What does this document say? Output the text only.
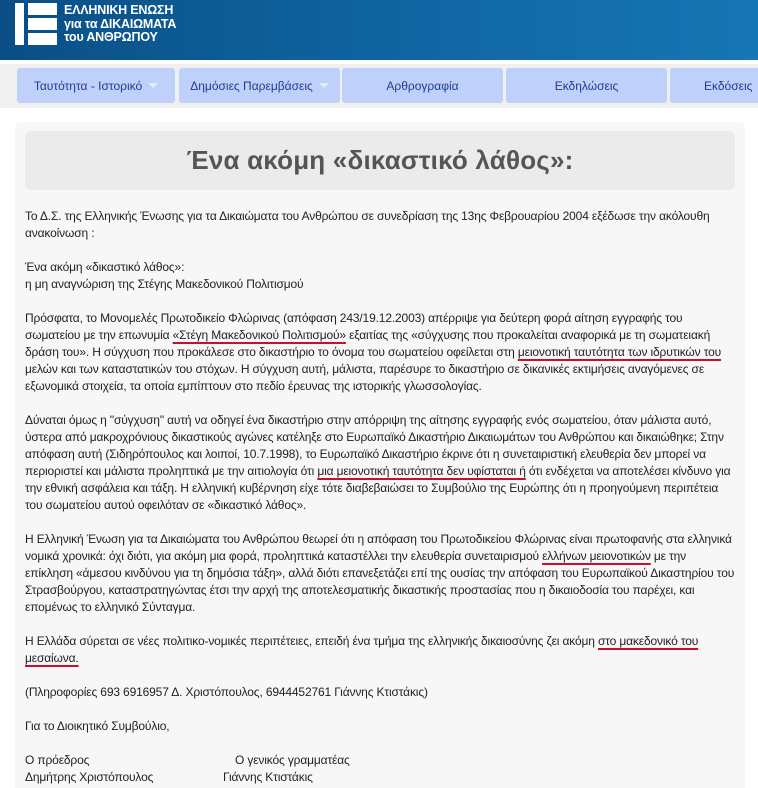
ΕΛΛΗΝΙΚΗ ΕΝΩΣΗ
για τα ΔΙΚΑΙΩΜΑΤΑ
του ΑΝΘΡΩΠΟΥ
Ταυτότητα - Ιστορικό	Δημόσιες Παρεμβάσεις	Αρθρογραφία	Εκδηλώσεις	Εκδόσεις
Ένα ακόμη «δικαστικό λάθος»:

Το Δ.Σ. της Ελληνικής Ένωσης για τα Δικαιώματα του Ανθρώπου σε συνεδρίαση της 13ης Φεβρουαρίου 2004 εξέδωσε την ακόλουθη ανακοίνωση :

Ένα ακόμη «δικαστικό λάθος»:
η μη αναγνώριση της Στέγης Μακεδονικού Πολιτισμού

Πρόσφατα, το Μονομελές Πρωτοδικείο Φλώρινας (απόφαση 243/19.12.2003) απέρριψε για δεύτερη φορά αίτηση εγγραφής του σωματείου με την επωνυμία «Στέγη Μακεδονικού Πολιτισμού» εξαιτίας της «σύγχυσης που προκαλείται αναφορικά με τη σωματειακή δράση του». Η σύγχυση που προκάλεσε στο δικαστήριο το όνομα του σωματείου οφείλεται στη μειονοτική ταυτότητα των ιδρυτικών του μελών και των καταστατικών του στόχων. Η σύγχυση αυτή, μάλιστα, παρέσυρε το δικαστήριο σε δικανικές εκτιμήσεις αναγόμενες σε εξωνομικά στοιχεία, τα οποία εμπίπτουν στο πεδίο έρευνας της ιστορικής γλωσσολογίας.

Δύναται όμως η "σύγχυση" αυτή να οδηγεί ένα δικαστήριο στην απόρριψη της αίτησης εγγραφής ενός σωματείου, όταν μάλιστα αυτό, ύστερα από μακροχρόνιους δικαστικούς αγώνες κατέληξε στο Ευρωπαϊκό Δικαστήριο Δικαιωμάτων του Ανθρώπου και δικαιώθηκε; Στην απόφαση αυτή (Σιδηρόπουλος και λοιποί, 10.7.1998), το Ευρωπαϊκό Δικαστήριο έκρινε ότι η συνεταιριστική ελευθερία δεν μπορεί να περιοριστεί και μάλιστα προληπτικά με την αιτιολογία ότι μια μειονοτική ταυτότητα δεν υφίσταται ή ότι ενδέχεται να αποτελέσει κίνδυνο για την εθνική ασφάλεια και τάξη. Η ελληνική κυβέρνηση είχε τότε διαβεβαιώσει το Συμβούλιο της Ευρώπης ότι η προηγούμενη περιπέτεια του σωματείου αυτού οφειλόταν σε «δικαστικό λάθος».

Η Ελληνική Ένωση για τα Δικαιώματα του Ανθρώπου θεωρεί ότι η απόφαση του Πρωτοδικείου Φλώρινας είναι πρωτοφανής στα ελληνικά νομικά χρονικά: όχι διότι, για ακόμη μια φορά, προληπτικά καταστέλλει την ελευθερία συνεταιρισμού ελλήνων μειονοτικών με την επίκληση «άμεσου κινδύνου για τη δημόσια τάξη», αλλά διότι επανεξετάζει επί της ουσίας την απόφαση του Ευρωπαϊκού Δικαστηρίου του Στρασβούργου, καταστρατηγώντας έτσι την αρχή της αποτελεσματικής δικαστικής προστασίας που η δικαιοδοσία του παρέχει, και επομένως το ελληνικό Σύνταγμα.

Η Ελλάδα σύρεται σε νέες πολιτικο-νομικές περιπέτειες, επειδή ένα τμήμα της ελληνικής δικαιοσύνης ζει ακόμη στο μακεδονικό του μεσαίωνα.

(Πληροφορίες 693 6916957 Δ. Χριστόπουλος, 6944452761 Γιάννης Κτιστάκις)

Για το Διοικητικό Συμβούλιο,

Ο πρόεδρος	Ο γενικός γραμματέας
Δημήτρης Χριστόπουλος	Γιάννης Κτιστάκις
